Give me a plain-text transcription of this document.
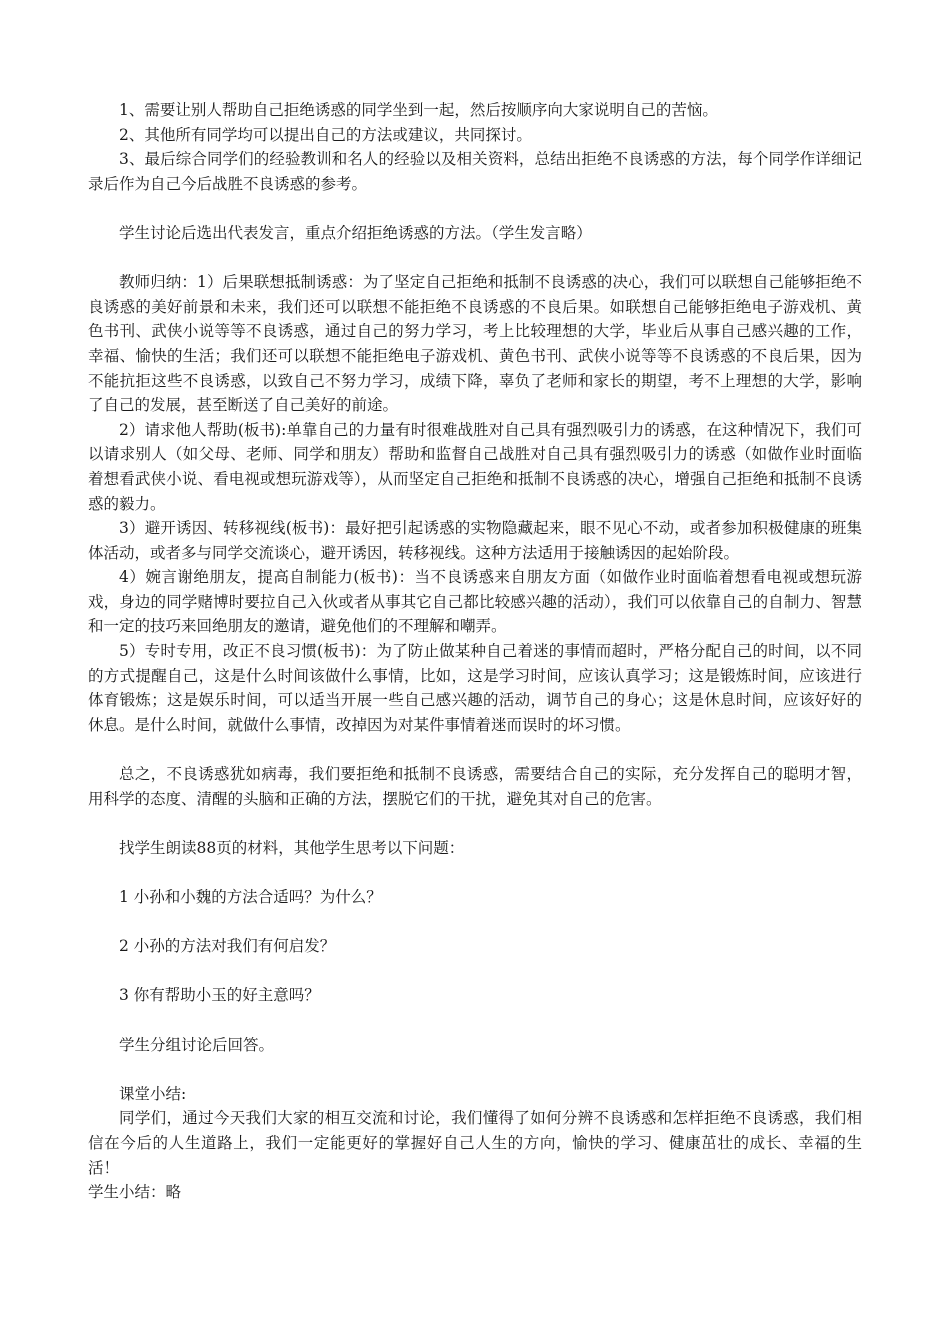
1、需要让别人帮助自己拒绝诱惑的同学坐到一起，然后按顺序向大家说明自己的苦恼。

2、其他所有同学均可以提出自己的方法或建议，共同探讨。

3、最后综合同学们的经验教训和名人的经验以及相关资料，总结出拒绝不良诱惑的方法，每个同学作详细记录后作为自己今后战胜不良诱惑的参考。

学生讨论后选出代表发言，重点介绍拒绝诱惑的方法。（学生发言略）

教师归纳：1）后果联想抵制诱惑：为了坚定自己拒绝和抵制不良诱惑的决心，我们可以联想自己能够拒绝不良诱惑的美好前景和未来，我们还可以联想不能拒绝不良诱惑的不良后果。如联想自己能够拒绝电子游戏机、黄色书刊、武侠小说等等不良诱惑，通过自己的努力学习，考上比较理想的大学，毕业后从事自己感兴趣的工作，幸福、愉快的生活；我们还可以联想不能拒绝电子游戏机、黄色书刊、武侠小说等等不良诱惑的不良后果，因为不能抗拒这些不良诱惑，以致自己不努力学习，成绩下降，辜负了老师和家长的期望，考不上理想的大学，影响了自己的发展，甚至断送了自己美好的前途。

2）请求他人帮助(板书):单靠自己的力量有时很难战胜对自己具有强烈吸引力的诱惑，在这种情况下，我们可以请求别人（如父母、老师、同学和朋友）帮助和监督自己战胜对自己具有强烈吸引力的诱惑（如做作业时面临着想看武侠小说、看电视或想玩游戏等），从而坚定自己拒绝和抵制不良诱惑的决心，增强自己拒绝和抵制不良诱惑的毅力。

3）避开诱因、转移视线(板书)：最好把引起诱惑的实物隐藏起来，眼不见心不动，或者参加积极健康的班集体活动，或者多与同学交流谈心，避开诱因，转移视线。这种方法适用于接触诱因的起始阶段。

4）婉言谢绝朋友，提高自制能力(板书)：当不良诱惑来自朋友方面（如做作业时面临着想看电视或想玩游戏，身边的同学赌博时要拉自己入伙或者从事其它自己都比较感兴趣的活动），我们可以依靠自己的自制力、智慧和一定的技巧来回绝朋友的邀请，避免他们的不理解和嘲弄。

5）专时专用，改正不良习惯(板书)：为了防止做某种自己着迷的事情而超时，严格分配自己的时间，以不同的方式提醒自己，这是什么时间该做什么事情，比如，这是学习时间，应该认真学习；这是锻炼时间，应该进行体育锻炼；这是娱乐时间，可以适当开展一些自己感兴趣的活动，调节自己的身心；这是休息时间，应该好好的休息。是什么时间，就做什么事情，改掉因为对某件事情着迷而误时的坏习惯。

总之，不良诱惑犹如病毒，我们要拒绝和抵制不良诱惑，需要结合自己的实际，充分发挥自己的聪明才智，用科学的态度、清醒的头脑和正确的方法，摆脱它们的干扰，避免其对自己的危害。

找学生朗读88页的材料，其他学生思考以下问题：

1 小孙和小魏的方法合适吗？为什么？

2 小孙的方法对我们有何启发？

3 你有帮助小玉的好主意吗？

学生分组讨论后回答。

课堂小结:

同学们，通过今天我们大家的相互交流和讨论，我们懂得了如何分辨不良诱惑和怎样拒绝不良诱惑，我们相信在今后的人生道路上，我们一定能更好的掌握好自己人生的方向，愉快的学习、健康茁壮的成长、幸福的生活！

学生小结：略
